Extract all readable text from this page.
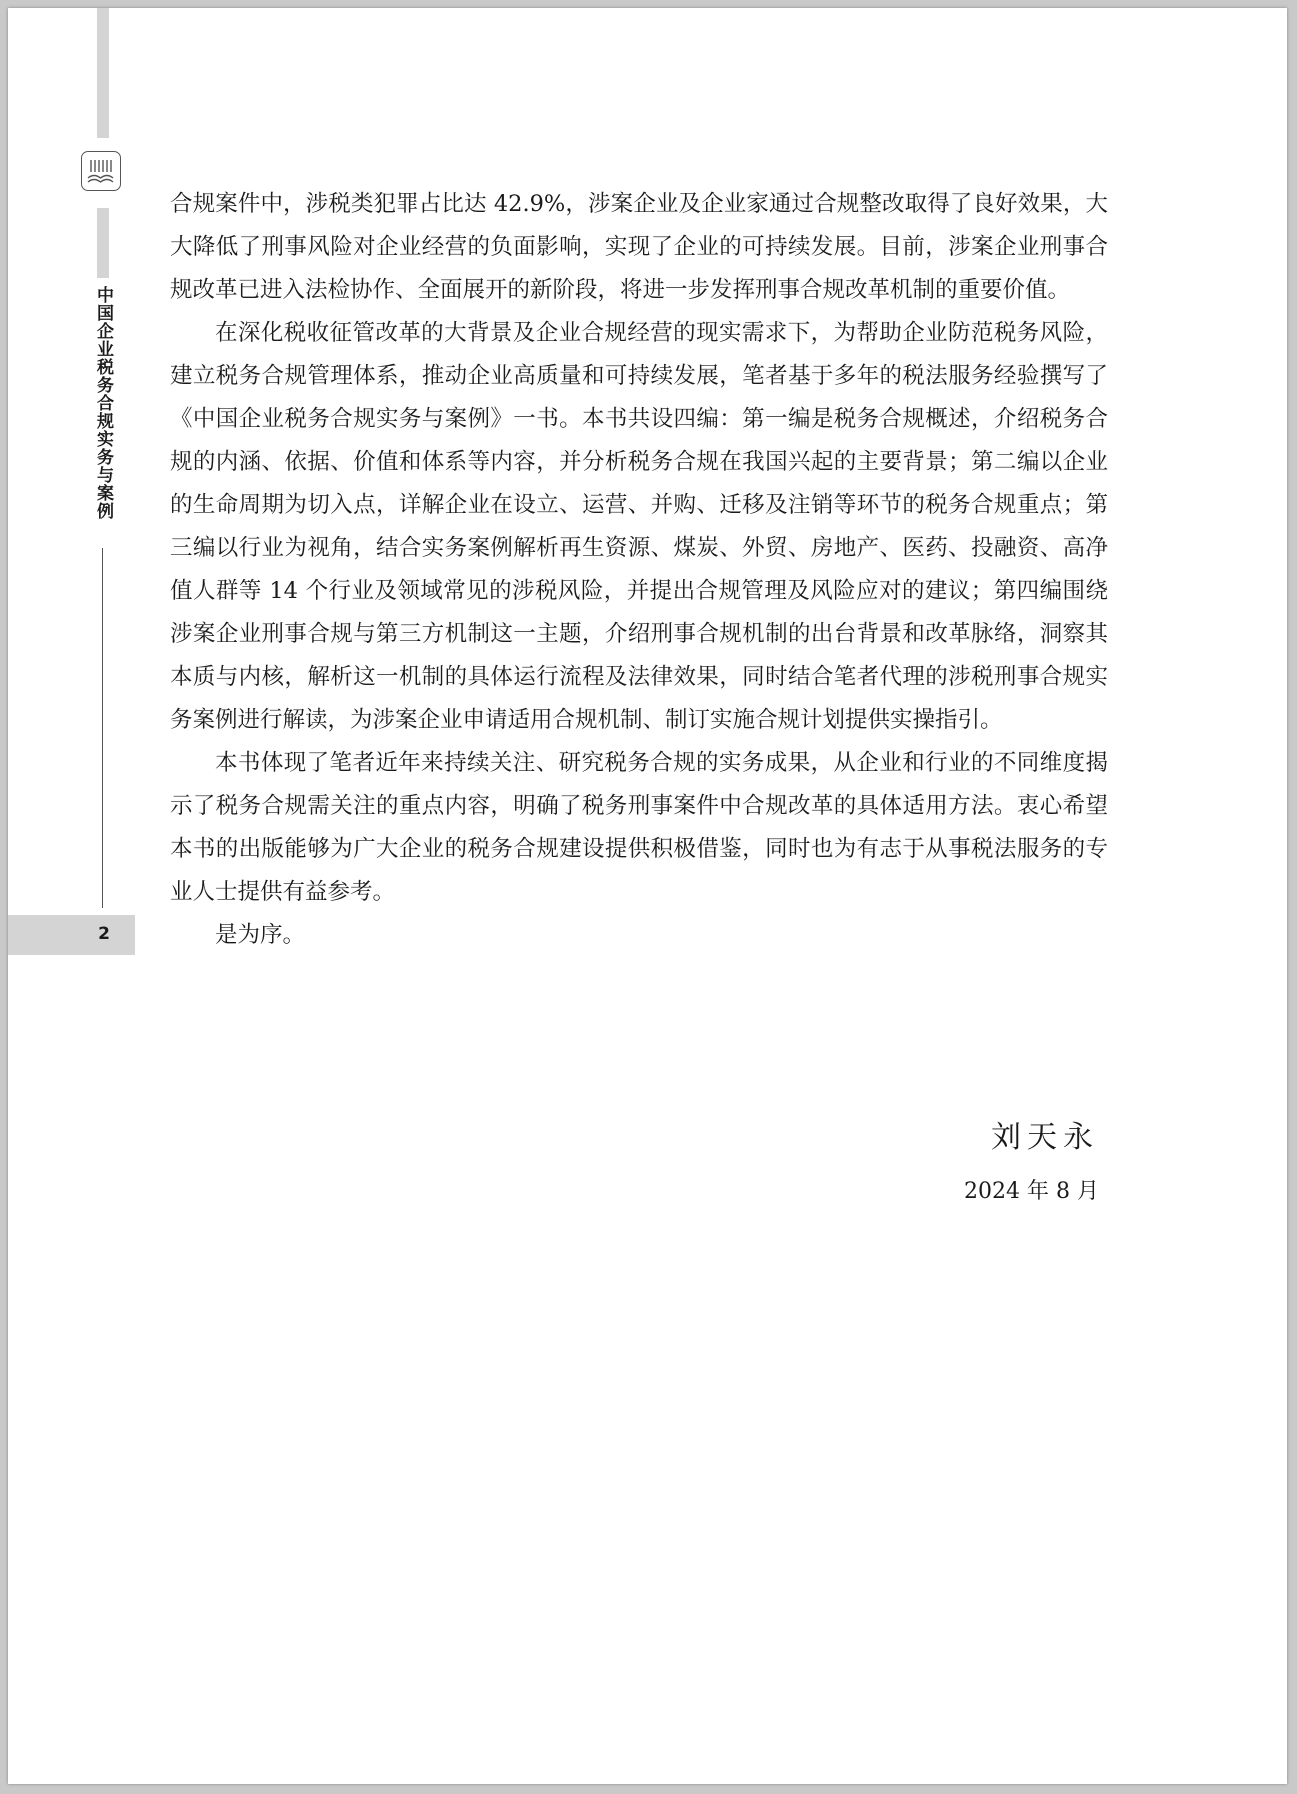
中国企业税务合规实务与案例
2

合规案件中，涉税类犯罪占比达 42.9%，涉案企业及企业家通过合规整改取得了良好效果，大大降低了刑事风险对企业经营的负面影响，实现了企业的可持续发展。目前，涉案企业刑事合规改革已进入法检协作、全面展开的新阶段，将进一步发挥刑事合规改革机制的重要价值。

在深化税收征管改革的大背景及企业合规经营的现实需求下，为帮助企业防范税务风险，建立税务合规管理体系，推动企业高质量和可持续发展，笔者基于多年的税法服务经验撰写了《中国企业税务合规实务与案例》一书。本书共设四编：第一编是税务合规概述，介绍税务合规的内涵、依据、价值和体系等内容，并分析税务合规在我国兴起的主要背景；第二编以企业的生命周期为切入点，详解企业在设立、运营、并购、迁移及注销等环节的税务合规重点；第三编以行业为视角，结合实务案例解析再生资源、煤炭、外贸、房地产、医药、投融资、高净值人群等 14 个行业及领域常见的涉税风险，并提出合规管理及风险应对的建议；第四编围绕涉案企业刑事合规与第三方机制这一主题，介绍刑事合规机制的出台背景和改革脉络，洞察其本质与内核，解析这一机制的具体运行流程及法律效果，同时结合笔者代理的涉税刑事合规实务案例进行解读，为涉案企业申请适用合规机制、制订实施合规计划提供实操指引。

本书体现了笔者近年来持续关注、研究税务合规的实务成果，从企业和行业的不同维度揭示了税务合规需关注的重点内容，明确了税务刑事案件中合规改革的具体适用方法。衷心希望本书的出版能够为广大企业的税务合规建设提供积极借鉴，同时也为有志于从事税法服务的专业人士提供有益参考。

是为序。

刘天永
2024 年 8 月
